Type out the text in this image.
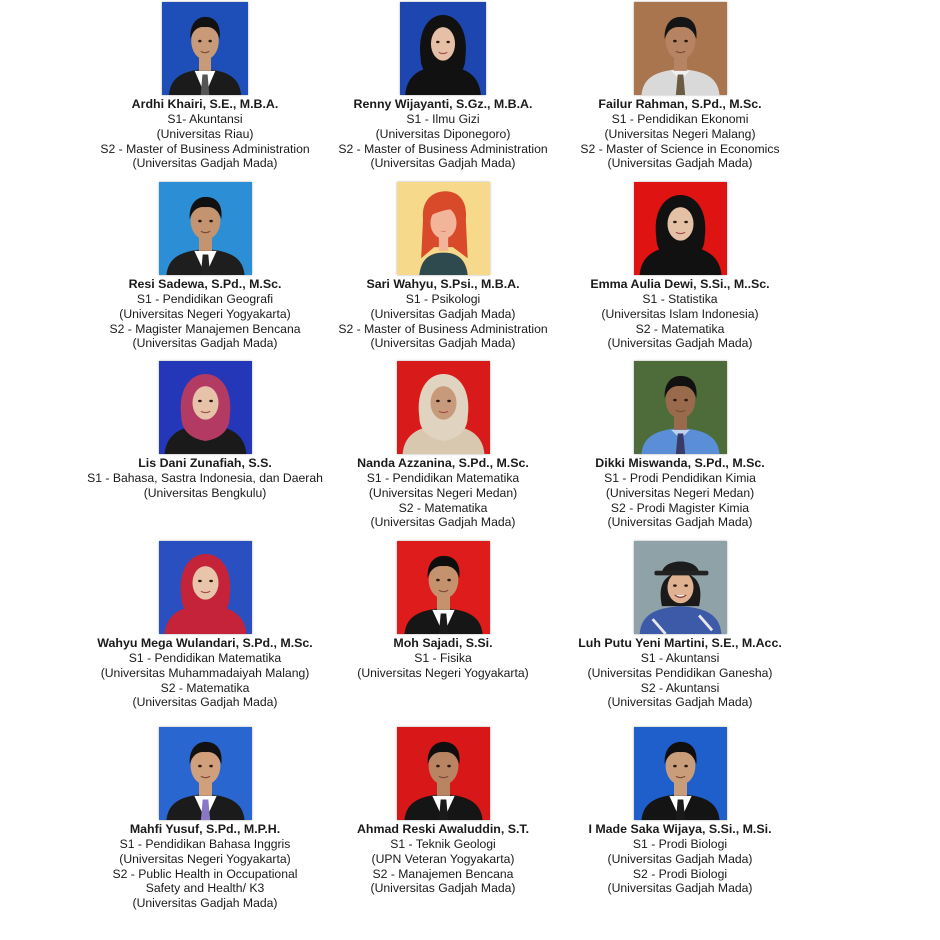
Ardhi Khairi, S.E., M.B.A.
S1- Akuntansi
(Universitas Riau)
S2 - Master of Business Administration
(Universitas Gadjah Mada)
Renny Wijayanti, S.Gz., M.B.A.
S1 - Ilmu Gizi
(Universitas Diponegoro)
S2 - Master of Business Administration
(Universitas Gadjah Mada)
Failur Rahman, S.Pd., M.Sc.
S1 - Pendidikan Ekonomi
(Universitas Negeri Malang)
S2 - Master of Science in Economics
(Universitas Gadjah Mada)
Resi Sadewa, S.Pd., M.Sc.
S1 - Pendidikan Geografi
(Universitas Negeri Yogyakarta)
S2 - Magister Manajemen Bencana
(Universitas Gadjah Mada)
Sari Wahyu, S.Psi., M.B.A.
S1 - Psikologi
(Universitas Gadjah Mada)
S2 - Master of Business Administration
(Universitas Gadjah Mada)
Emma Aulia Dewi, S.Si., M..Sc.
S1 - Statistika
(Universitas Islam Indonesia)
S2 - Matematika
(Universitas Gadjah Mada)
Lis Dani Zunafiah, S.S.
S1 - Bahasa, Sastra Indonesia, dan Daerah
(Universitas Bengkulu)
Nanda Azzanina, S.Pd., M.Sc.
S1 - Pendidikan Matematika
(Universitas Negeri Medan)
S2 - Matematika
(Universitas Gadjah Mada)
Dikki Miswanda, S.Pd., M.Sc.
S1 - Prodi Pendidikan Kimia
(Universitas Negeri Medan)
S2 - Prodi Magister Kimia
(Universitas Gadjah Mada)
Wahyu Mega Wulandari, S.Pd., M.Sc.
S1 - Pendidikan Matematika
(Universitas Muhammadaiyah Malang)
S2 - Matematika
(Universitas Gadjah Mada)
Moh Sajadi, S.Si.
S1 - Fisika
(Universitas Negeri Yogyakarta)
Luh Putu Yeni Martini, S.E., M.Acc.
S1 - Akuntansi
(Universitas Pendidikan Ganesha)
S2 - Akuntansi
(Universitas Gadjah Mada)
Mahfi Yusuf, S.Pd., M.P.H.
S1 - Pendidikan Bahasa Inggris
(Universitas Negeri Yogyakarta)
S2 - Public Health in Occupational
Safety and Health/ K3
(Universitas Gadjah Mada)
Ahmad Reski Awaluddin, S.T.
S1 - Teknik Geologi
(UPN Veteran Yogyakarta)
S2 - Manajemen Bencana
(Universitas Gadjah Mada)
I Made Saka Wijaya, S.Si., M.Si.
S1 - Prodi Biologi
(Universitas Gadjah Mada)
S2 - Prodi Biologi
(Universitas Gadjah Mada)
